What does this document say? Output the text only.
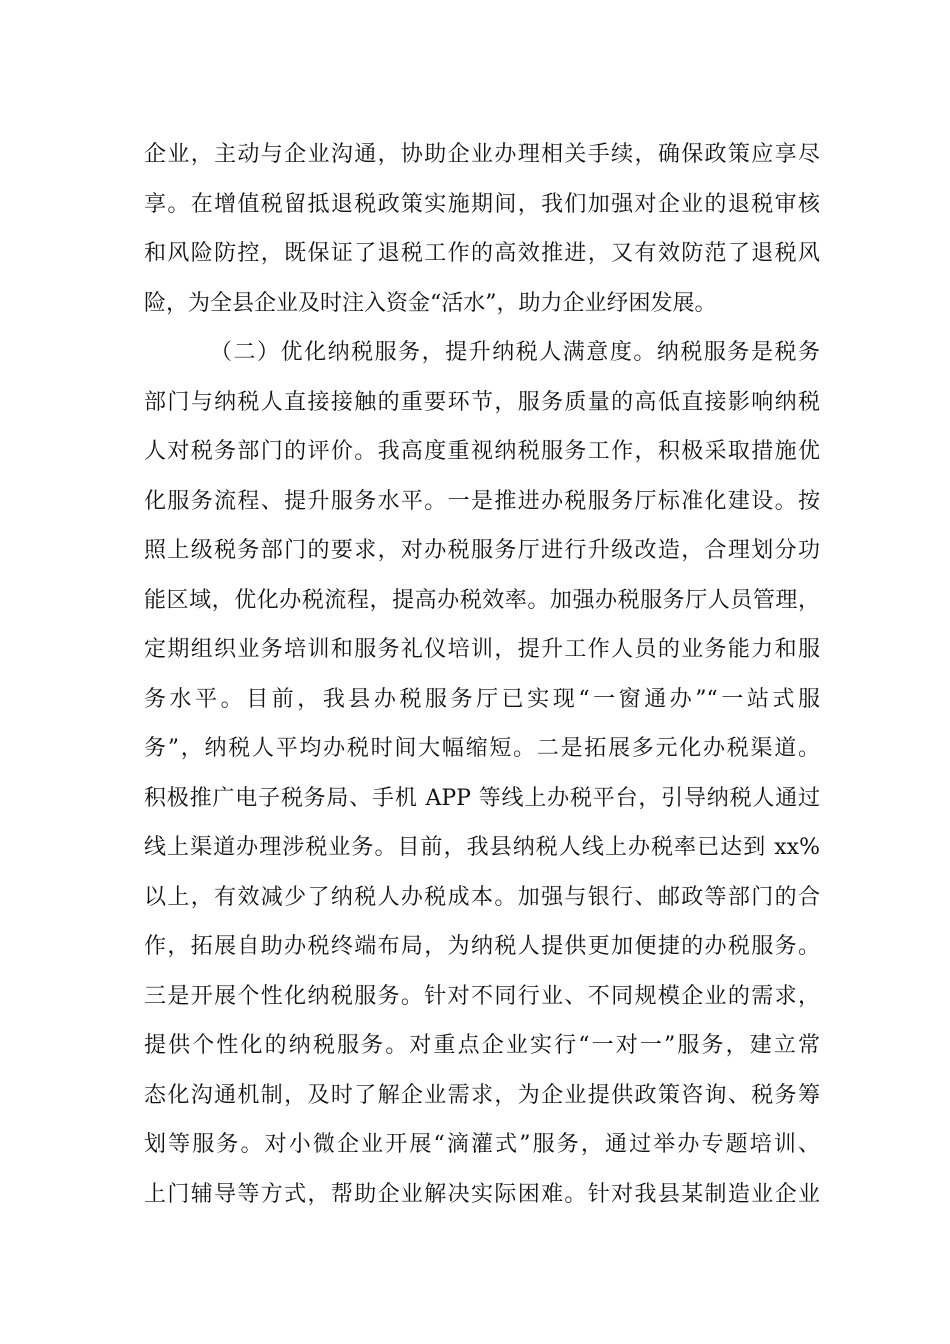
企业，主动与企业沟通，协助企业办理相关手续，确保政策应享尽
享。在增值税留抵退税政策实施期间，我们加强对企业的退税审核
和风险防控，既保证了退税工作的高效推进，又有效防范了退税风
险，为全县企业及时注入资金“活水”，助力企业纾困发展。
（二）优化纳税服务，提升纳税人满意度。纳税服务是税务
部门与纳税人直接接触的重要环节，服务质量的高低直接影响纳税
人对税务部门的评价。我高度重视纳税服务工作，积极采取措施优
化服务流程、提升服务水平。一是推进办税服务厅标准化建设。按
照上级税务部门的要求，对办税服务厅进行升级改造，合理划分功
能区域，优化办税流程，提高办税效率。加强办税服务厅人员管理，
定期组织业务培训和服务礼仪培训，提升工作人员的业务能力和服
务水平。目前，我县办税服务厅已实现“一窗通办”“一站式服
务”，纳税人平均办税时间大幅缩短。二是拓展多元化办税渠道。
积极推广电子税务局、手机 APP 等线上办税平台，引导纳税人通过
线上渠道办理涉税业务。目前，我县纳税人线上办税率已达到 xx%
以上，有效减少了纳税人办税成本。加强与银行、邮政等部门的合
作，拓展自助办税终端布局，为纳税人提供更加便捷的办税服务。
三是开展个性化纳税服务。针对不同行业、不同规模企业的需求，
提供个性化的纳税服务。对重点企业实行“一对一”服务，建立常
态化沟通机制，及时了解企业需求，为企业提供政策咨询、税务筹
划等服务。对小微企业开展“滴灌式”服务，通过举办专题培训、
上门辅导等方式，帮助企业解决实际困难。针对我县某制造业企业
